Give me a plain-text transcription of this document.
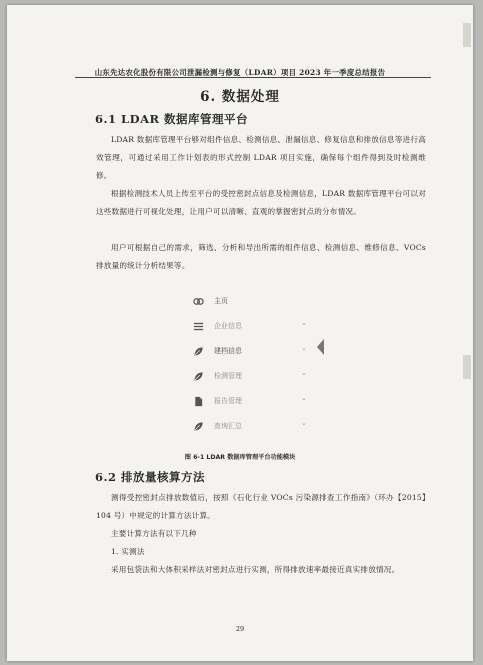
山东先达农化股份有限公司泄漏检测与修复（LDAR）项目 2023 年一季度总结报告
6. 数据处理
6.1 LDAR 数据库管理平台
LDAR 数据库管理平台够对组件信息、检测信息、泄漏信息、修复信息和排放信息等进行高效管理，可通过采用工作计划表的形式控制 LDAR 项目实施，确保每个组件得到及时检测维修。
根据检测技术人员上传至平台的受控密封点信息及检测信息，LDAR 数据库管理平台可以对这些数据进行可视化处理，让用户可以清晰、直观的掌握密封点的分布情况。
用户可根据自己的需求，筛选、分析和导出所需的组件信息、检测信息、维修信息、VOCs 排放量的统计分析结果等。
主页
企业信息	⌄
建档信息	⌄
检测管理	⌄
报告管理	⌄
查询汇总	⌄
图 6-1 LDAR 数据库管理平台功能模块
6.2 排放量核算方法
测得受控密封点排放数值后，按照《石化行业 VOCs 污染源排查工作指南》（环办【2015】104 号）中规定的计算方法计算。
主要计算方法有以下几种
1. 实测法
采用包袋法和大体积采样法对密封点进行实测，所得排放速率最接近真实排放情况。
29
